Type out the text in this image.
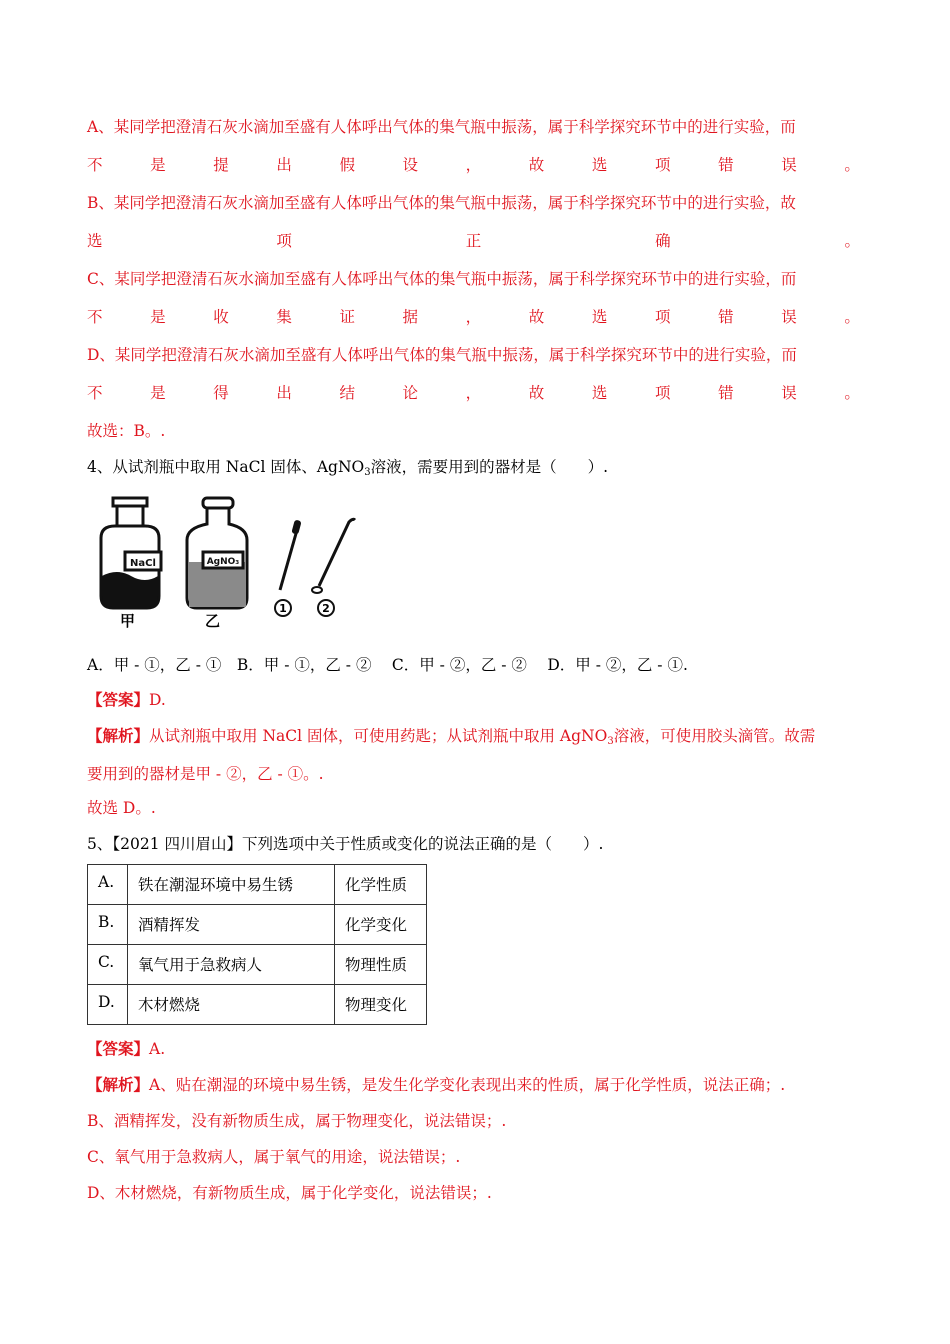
A、某同学把澄清石灰水滴加至盛有人体呼出气体的集气瓶中振荡，属于科学探究环节中的进行实验，而
不	是	提	出	假	设	，	故	选	项	错	误	。
B、某同学把澄清石灰水滴加至盛有人体呼出气体的集气瓶中振荡，属于科学探究环节中的进行实验，故
选	项	正	确	。
C、某同学把澄清石灰水滴加至盛有人体呼出气体的集气瓶中振荡，属于科学探究环节中的进行实验，而
不	是	收	集	证	据	，	故	选	项	错	误	。
D、某同学把澄清石灰水滴加至盛有人体呼出气体的集气瓶中振荡，属于科学探究环节中的进行实验，而
不	是	得	出	结	论	，	故	选	项	错	误	。
故选：B。.
4、从试剂瓶中取用 NaCl 固体、AgNO$_3$溶液，需要用到的器材是（　　）.
NaCl	AgNO₃
1	2
甲	乙
A．甲 - ①，乙 - ①　B．甲 - ①，乙 - ②　 C．甲 - ②，乙 - ②　 D．甲 - ②，乙 - ①.
【答案】D.
【解析】从试剂瓶中取用 NaCl 固体，可使用药匙；从试剂瓶中取用 AgNO$_3$溶液，可使用胶头滴管。故需
要用到的器材是甲 - ②，乙 - ①。.
故选 D。.
5、【2021 四川眉山】下列选项中关于性质或变化的说法正确的是（　　）.
A.	铁在潮湿环境中易生锈	化学性质
B.	酒精挥发	化学变化
C.	氧气用于急救病人	物理性质
D.	木材燃烧	物理变化
【答案】A.
【解析】A、贴在潮湿的环境中易生锈，是发生化学变化表现出来的性质，属于化学性质，说法正确；.
B、酒精挥发，没有新物质生成，属于物理变化，说法错误；.
C、氧气用于急救病人，属于氧气的用途，说法错误；.
D、木材燃烧，有新物质生成，属于化学变化，说法错误；.
